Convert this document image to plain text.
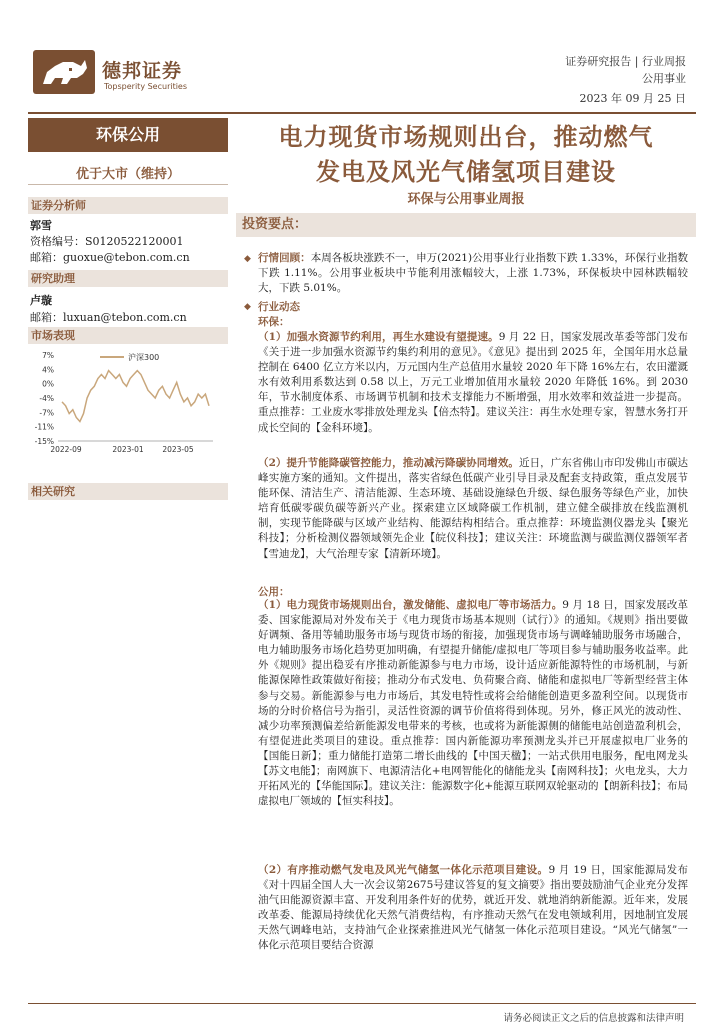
德邦证券
Topsperity Securities
证券研究报告 | 行业周报
公用事业
2023 年 09 月 25 日
环保公用
优于大市（维持）
证券分析师
郭雪
资格编号：S0120522120001
邮箱：guoxue@tebon.com.cn
研究助理
卢璇
邮箱：luxuan@tebon.com.cn
市场表现
7%
4%
0%
-4%
-7%
-11%
-15%
2022-09	2023-01 2023-05
沪深300
相关研究
电力现货市场规则出台，推动燃气
发电及风光气储氢项目建设
环保与公用事业周报
投资要点：
◆ 行情回顾：本周各板块涨跌不一，申万(2021)公用事业行业指数下跌 1.33%，环保行业指数下跌 1.11%。公用事业板块中节能利用涨幅较大，上涨 1.73%，环保板块中园林跌幅较大，下跌 5.01%。
◆ 行业动态
环保：
（1）加强水资源节约利用，再生水建设有望提速。9 月 22 日，国家发展改革委等部门发布《关于进一步加强水资源节约集约利用的意见》。《意见》提出到 2025 年，全国年用水总量控制在 6400 亿立方米以内，万元国内生产总值用水量较 2020 年下降 16%左右，农田灌溉水有效利用系数达到 0.58 以上，万元工业增加值用水量较 2020 年降低 16%。到 2030 年，节水制度体系、市场调节机制和技术支撑能力不断增强，用水效率和效益进一步提高。重点推荐：工业废水零排放处理龙头【倍杰特】。建议关注：再生水处理专家，智慧水务打开成长空间的【金科环境】。
（2）提升节能降碳管控能力，推动减污降碳协同增效。近日，广东省佛山市印发佛山市碳达峰实施方案的通知。文件提出，落实省绿色低碳产业引导目录及配套支持政策，重点发展节能环保、清洁生产、清洁能源、生态环境、基础设施绿色升级、绿色服务等绿色产业，加快培育低碳零碳负碳等新兴产业。探索建立区域降碳工作机制，建立健全碳排放在线监测机制，实现节能降碳与区域产业结构、能源结构相结合。重点推荐：环境监测仪器龙头【聚光科技】；分析检测仪器领域领先企业【皖仪科技】；建议关注：环境监测与碳监测仪器领军者【雪迪龙】，大气治理专家【清新环境】。
公用：
（1）电力现货市场规则出台，激发储能、虚拟电厂等市场活力。9 月 18 日，国家发展改革委、国家能源局对外发布关于《电力现货市场基本规则（试行）》的通知。《规则》指出要做好调频、备用等辅助服务市场与现货市场的衔接，加强现货市场与调峰辅助服务市场融合，电力辅助服务市场化趋势更加明确，有望提升储能/虚拟电厂等项目参与辅助服务收益率。此外《规则》提出稳妥有序推动新能源参与电力市场，设计适应新能源特性的市场机制，与新能源保障性政策做好衔接；推动分布式发电、负荷聚合商、储能和虚拟电厂等新型经营主体参与交易。新能源参与电力市场后，其发电特性或将会给储能创造更多盈利空间。以现货市场的分时价格信号为指引，灵活性资源的调节价值将得到体现。另外，修正风光的波动性、减少功率预测偏差给新能源发电带来的考核，也或将为新能源侧的储能电站创造盈利机会，有望促进此类项目的建设。重点推荐：国内新能源功率预测龙头并已开展虚拟电厂业务的【国能日新】；重力储能打造第二增长曲线的【中国天楹】；一站式供用电服务，配电网龙头【苏文电能】；南网旗下、电源清洁化+电网智能化的储能龙头【南网科技】；火电龙头，大力开拓风光的【华能国际】。建议关注：能源数字化+能源互联网双轮驱动的【朗新科技】；布局虚拟电厂领域的【恒实科技】。
（2）有序推动燃气发电及风光气储氢一体化示范项目建设。9 月 19 日，国家能源局发布《对十四届全国人大一次会议第2675号建议答复的复文摘要》指出要鼓励油气企业充分发挥油气田能源资源丰富、开发利用条件好的优势，就近开发、就地消纳新能源。近年来，发展改革委、能源局持续优化天然气消费结构，有序推动天然气在发电领域利用，因地制宜发展天然气调峰电站，支持油气企业探索推进风光气储氢一体化示范项目建设。“风光气储氢”一体化示范项目要结合资源
请务必阅读正文之后的信息披露和法律声明
